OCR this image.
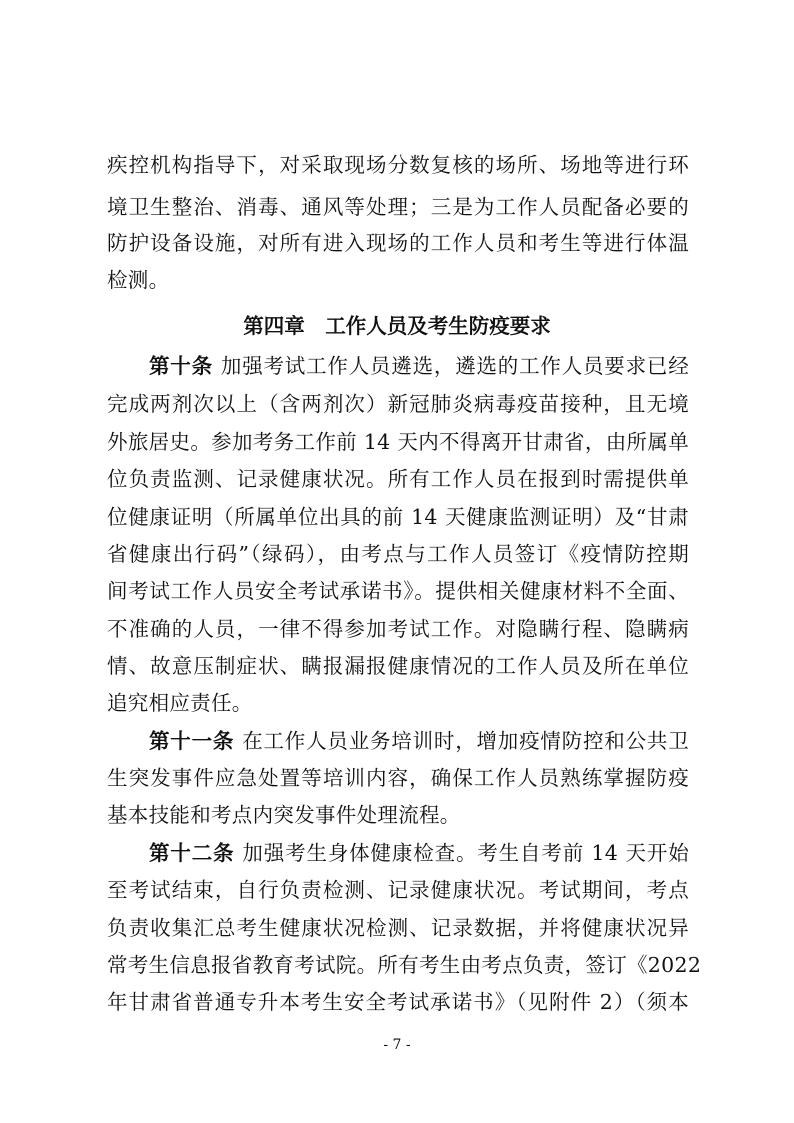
疾控机构指导下，对采取现场分数复核的场所、场地等进行环
境卫生整治、消毒、通风等处理；三是为工作人员配备必要的
防护设备设施，对所有进入现场的工作人员和考生等进行体温
检测。
第四章　工作人员及考生防疫要求
第十条 加强考试工作人员遴选，遴选的工作人员要求已经
完成两剂次以上（含两剂次）新冠肺炎病毒疫苗接种，且无境
外旅居史。参加考务工作前 14 天内不得离开甘肃省，由所属单
位负责监测、记录健康状况。所有工作人员在报到时需提供单
位健康证明（所属单位出具的前 14 天健康监测证明）及“甘肃
省健康出行码”（绿码），由考点与工作人员签订《疫情防控期
间考试工作人员安全考试承诺书》。提供相关健康材料不全面、
不准确的人员，一律不得参加考试工作。对隐瞒行程、隐瞒病
情、故意压制症状、瞒报漏报健康情况的工作人员及所在单位
追究相应责任。
第十一条 在工作人员业务培训时，增加疫情防控和公共卫
生突发事件应急处置等培训内容，确保工作人员熟练掌握防疫
基本技能和考点内突发事件处理流程。
第十二条 加强考生身体健康检查。考生自考前 14 天开始
至考试结束，自行负责检测、记录健康状况。考试期间，考点
负责收集汇总考生健康状况检测、记录数据，并将健康状况异
常考生信息报省教育考试院。所有考生由考点负责，签订《2022
年甘肃省普通专升本考生安全考试承诺书》（见附件 2）（须本
- 7 -
